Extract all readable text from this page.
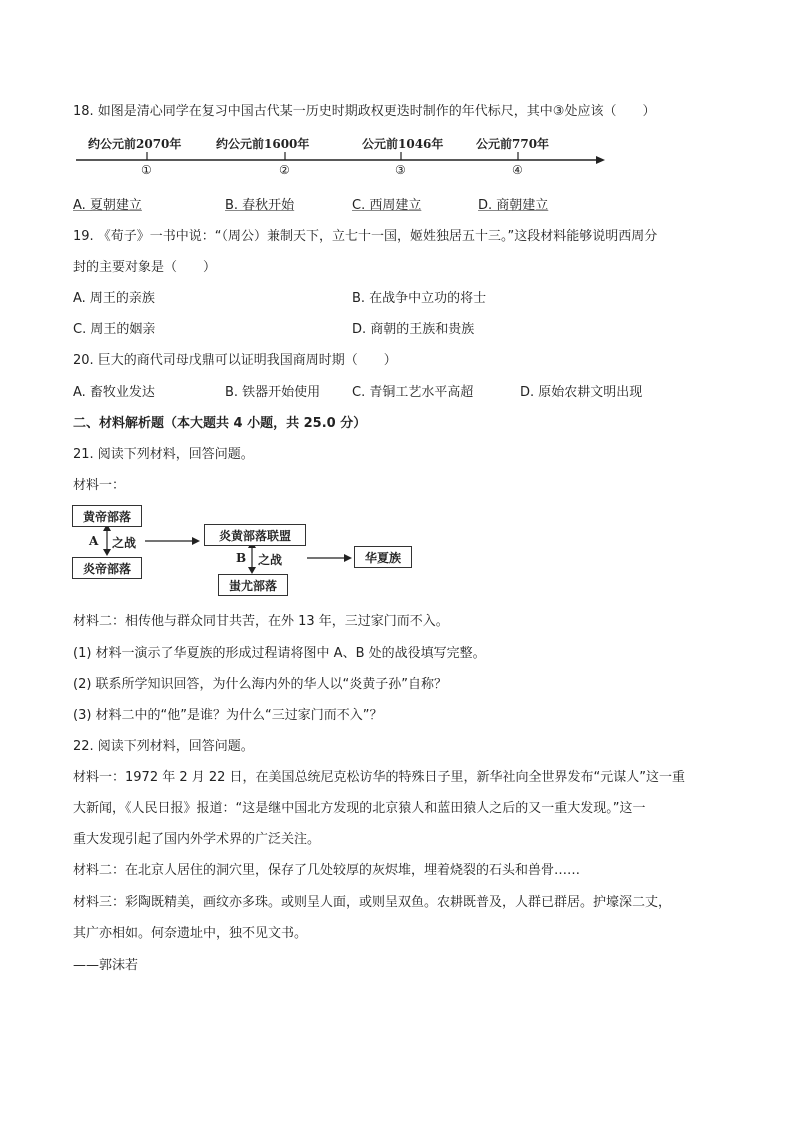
18. 如图是清心同学在复习中国古代某一历史时期政权更迭时制作的年代标尺，其中③处应该（　　）
约公元前2070年	约公元前1600年	公元前1046年	公元前770年
①	②	③	④
A. 夏朝建立	B. 春秋开始	C. 西周建立	D. 商朝建立
19. 《荀子》一书中说：“（周公）兼制天下，立七十一国，姬姓独居五十三。”这段材料能够说明西周分
封的主要对象是（　　）
A. 周王的亲族	B. 在战争中立功的将士
C. 周王的姻亲	D. 商朝的王族和贵族
20. 巨大的商代司母戊鼎可以证明我国商周时期（　　）
A. 畜牧业发达	B. 铁器开始使用 C. 青铜工艺水平高超	D. 原始农耕文明出现
二、材料解析题（本大题共 4 小题，共 25.0 分）
21. 阅读下列材料，回答问题。
材料一：
黄帝部落
炎帝部落
A 之战
炎黄部落联盟
蚩尤部落
B 之战	华夏族
材料二：相传他与群众同甘共苦，在外 13 年，三过家门而不入。
(1) 材料一演示了华夏族的形成过程请将图中 A、B 处的战役填写完整。
(2) 联系所学知识回答，为什么海内外的华人以“炎黄子孙”自称？
(3) 材料二中的“他”是谁？为什么“三过家门而不入”？
22. 阅读下列材料，回答问题。
材料一：1972 年 2 月 22 日，在美国总统尼克松访华的特殊日子里，新华社向全世界发布“元谋人”这一重
大新闻，《人民日报》报道：“这是继中国北方发现的北京猿人和蓝田猿人之后的又一重大发现。”这一
重大发现引起了国内外学术界的广泛关注。
材料二：在北京人居住的洞穴里，保存了几处较厚的灰烬堆，埋着烧裂的石头和兽骨……
材料三：彩陶既精美，画纹亦多珠。或则呈人面，或则呈双鱼。农耕既普及，人群已群居。护壕深二丈，
其广亦相如。何奈遗址中，独不见文书。
——郭沫若
